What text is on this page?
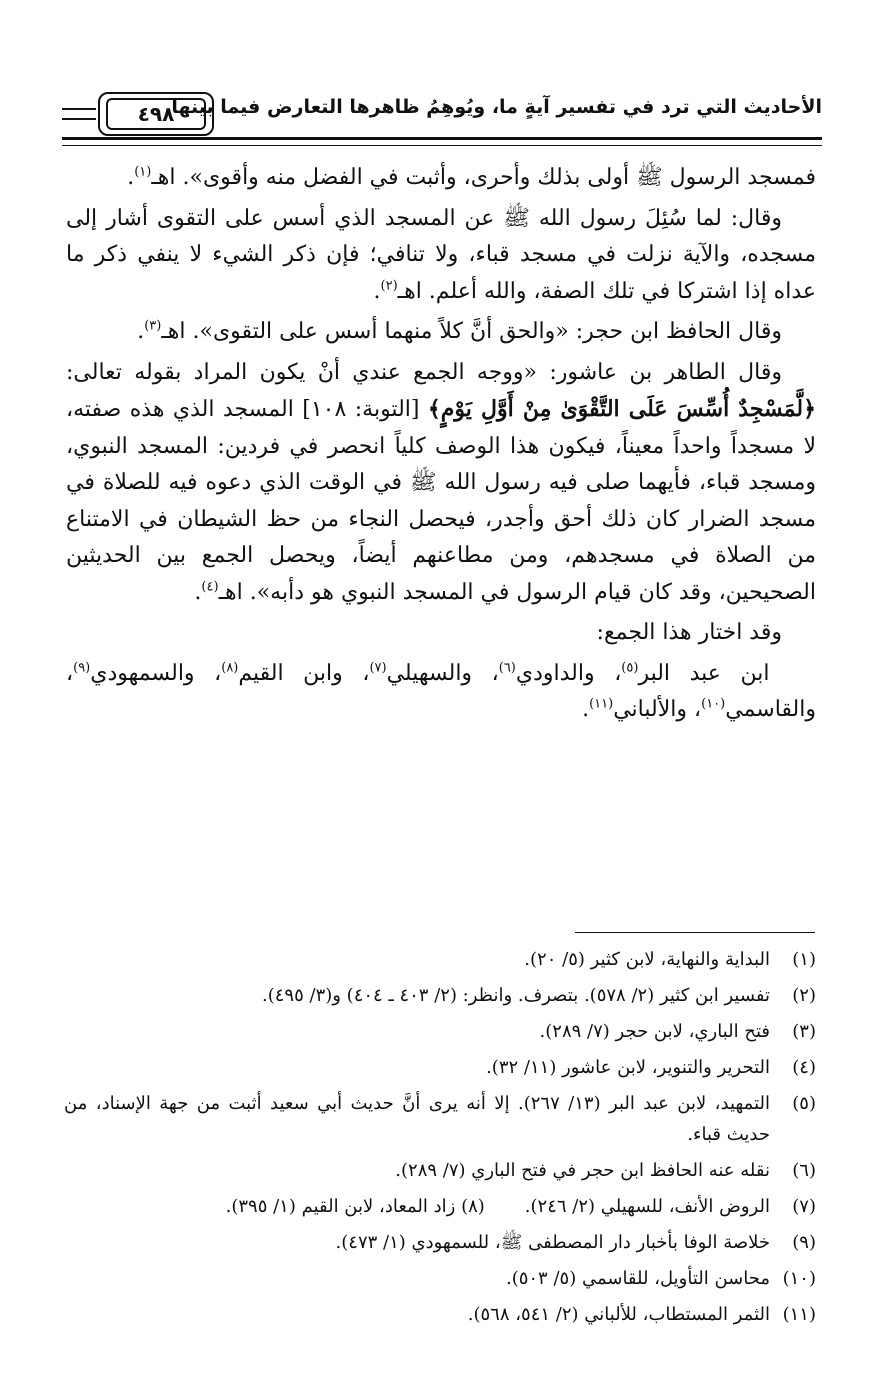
الأحاديث التي ترد في تفسير آيةٍ ما، ويُوهِمُ ظاهرها التعارض فيما بينها
٤٩٨

فمسجد الرسول ﷺ أولى بذلك وأحرى، وأثبت في الفضل منه وأقوى». اهـ$^{(١)}$.

وقال: لما سُئِلَ رسول الله ﷺ عن المسجد الذي أسس على التقوى أشار إلى مسجده، والآية نزلت في مسجد قباء، ولا تنافي؛ فإن ذكر الشيء لا ينفي ذكر ما عداه إذا اشتركا في تلك الصفة، والله أعلم. اهـ$^{(٢)}$.

وقال الحافظ ابن حجر: «والحق أنَّ كلاً منهما أسس على التقوى». اهـ$^{(٣)}$.

وقال الطاهر بن عاشور: «ووجه الجمع عندي أنْ يكون المراد بقوله تعالى: ﴿لَّمَسْجِدٌ أُسِّسَ عَلَى التَّقْوَىٰ مِنْ أَوَّلِ يَوْمٍ﴾ [التوبة: ١٠٨] المسجد الذي هذه صفته، لا مسجداً واحداً معيناً، فيكون هذا الوصف كلياً انحصر في فردين: المسجد النبوي، ومسجد قباء، فأيهما صلى فيه رسول الله ﷺ في الوقت الذي دعوه فيه للصلاة في مسجد الضرار كان ذلك أحق وأجدر، فيحصل النجاء من حظ الشيطان في الامتناع من الصلاة في مسجدهم، ومن مطاعنهم أيضاً، ويحصل الجمع بين الحديثين الصحيحين، وقد كان قيام الرسول في المسجد النبوي هو دأبه». اهـ$^{(٤)}$.

وقد اختار هذا الجمع:

ابن عبد البر$^{(٥)}$، والداودي$^{(٦)}$، والسهيلي$^{(٧)}$، وابن القيم$^{(٨)}$، والسمهودي$^{(٩)}$، والقاسمي$^{(١٠)}$، والألباني$^{(١١)}$.

(١)
البداية والنهاية، لابن كثير (٥/ ٢٠).
(٢)
تفسير ابن كثير (٢/ ٥٧٨). بتصرف. وانظر: (٢/ ٤٠٣ ـ ٤٠٤) و(٣/ ٤٩٥).
(٣)
فتح الباري، لابن حجر (٧/ ٢٨٩).
(٤)
التحرير والتنوير، لابن عاشور (١١/ ٣٢).
(٥)
التمهيد، لابن عبد البر (١٣/ ٢٦٧). إلا أنه يرى أنَّ حديث أبي سعيد أثبت من جهة الإسناد، من حديث قباء.
(٦)
نقله عنه الحافظ ابن حجر في فتح الباري (٧/ ٢٨٩).
(٧)
الروض الأنف، للسهيلي (٢/ ٢٤٦).
(٨) زاد المعاد، لابن القيم (١/ ٣٩٥).
(٩)
خلاصة الوفا بأخبار دار المصطفى ﷺ، للسمهودي (١/ ٤٧٣).
(١٠)
محاسن التأويل، للقاسمي (٥/ ٥٠٣).
(١١)
الثمر المستطاب، للألباني (٢/ ٥٤١، ٥٦٨).
